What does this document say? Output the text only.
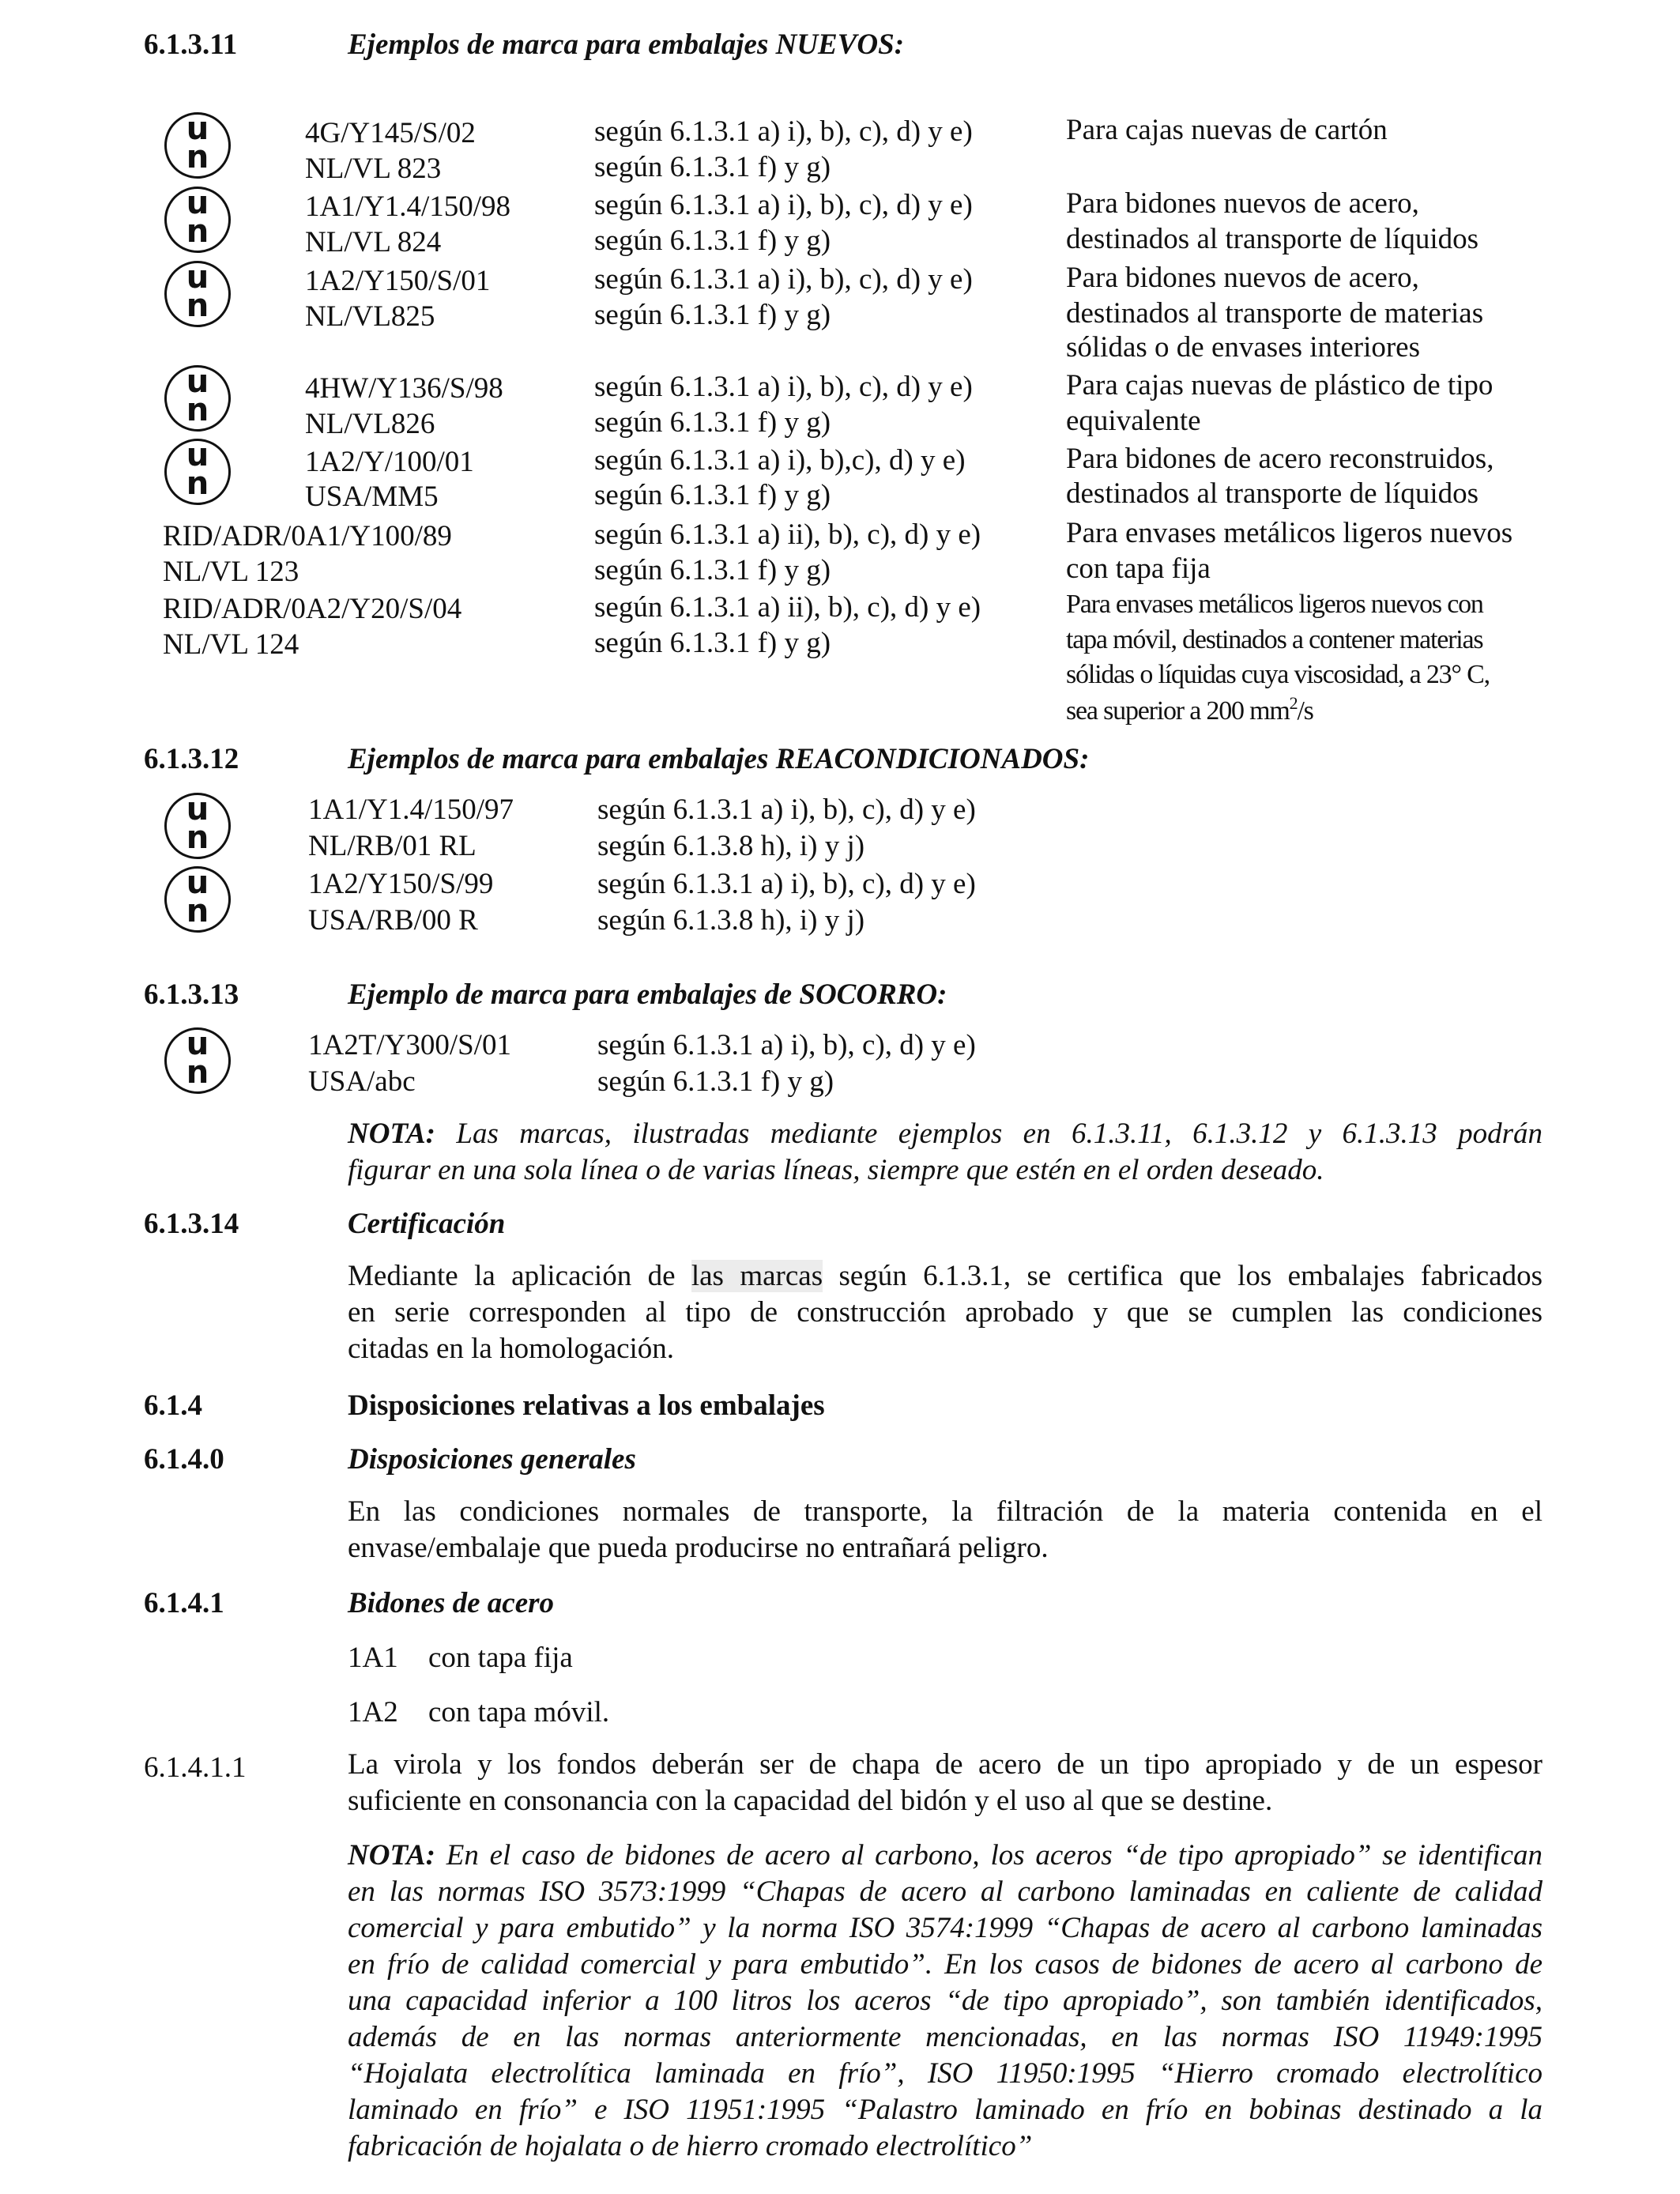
6.1.3.11	Ejemplos de marca para embalajes NUEVOS:
4G/Y145/S/02	según 6.1.3.1 a) i), b), c), d) y e)	Para cajas nuevas de cartón
NL/VL 823	según 6.1.3.1 f) y g)
1A1/Y1.4/150/98	según 6.1.3.1 a) i), b), c), d) y e)	Para bidones nuevos de acero,
NL/VL 824	según 6.1.3.1 f) y g)	destinados al transporte de líquidos
1A2/Y150/S/01	según 6.1.3.1 a) i), b), c), d) y e)	Para bidones nuevos de acero,
NL/VL825	según 6.1.3.1 f) y g)	destinados al transporte de materias
sólidas o de envases interiores
4HW/Y136/S/98	según 6.1.3.1 a) i), b), c), d) y e)	Para cajas nuevas de plástico de tipo
NL/VL826	según 6.1.3.1 f) y g)	equivalente
1A2/Y/100/01	según 6.1.3.1 a) i), b),c), d) y e)	Para bidones de acero reconstruidos,
USA/MM5	según 6.1.3.1 f) y g)	destinados al transporte de líquidos
RID/ADR/0A1/Y100/89	según 6.1.3.1 a) ii), b), c), d) y e)	Para envases metálicos ligeros nuevos
NL/VL 123	según 6.1.3.1 f) y g)	con tapa fija
RID/ADR/0A2/Y20/S/04	según 6.1.3.1 a) ii), b), c), d) y e)	Para envases metálicos ligeros nuevos con
NL/VL 124	según 6.1.3.1 f) y g)	tapa móvil, destinados a contener materias
sólidas o líquidas cuya viscosidad, a 23° C,
sea superior a 200 $mm^2/s$
u
n
u
n
u
n
u
n
u
n
6.1.3.12	Ejemplos de marca para embalajes REACONDICIONADOS:
u
n
u
n
1A1/Y1.4/150/97	según 6.1.3.1 a) i), b), c), d) y e)
NL/RB/01 RL	según 6.1.3.8 h), i) y j)
1A2/Y150/S/99	según 6.1.3.1 a) i), b), c), d) y e)
USA/RB/00 R	según 6.1.3.8 h), i) y j)
6.1.3.13	Ejemplo de marca para embalajes de SOCORRO:
u
n
1A2T/Y300/S/01	según 6.1.3.1 a) i), b), c), d) y e)
USA/abc	según 6.1.3.1 f) y g)
NOTA: Las marcas, ilustradas mediante ejemplos en 6.1.3.11, 6.1.3.12 y 6.1.3.13 podrán
figurar en una sola línea o de varias líneas, siempre que estén en el orden deseado.
6.1.3.14	Certificación
Mediante la aplicación de las marcas según 6.1.3.1, se certifica que los embalajes fabricados
en serie corresponden al tipo de construcción aprobado y que se cumplen las condiciones
citadas en la homologación.
6.1.4	Disposiciones relativas a los embalajes
6.1.4.0	Disposiciones generales
En las condiciones normales de transporte, la filtración de la materia contenida en el
envase/embalaje que pueda producirse no entrañará peligro.
6.1.4.1	Bidones de acero
1A1 con tapa fija
1A2 con tapa móvil.
6.1.4.1.1	La virola y los fondos deberán ser de chapa de acero de un tipo apropiado y de un espesor
suficiente en consonancia con la capacidad del bidón y el uso al que se destine.
NOTA: En el caso de bidones de acero al carbono, los aceros “de tipo apropiado” se identifican
en las normas ISO 3573:1999 “Chapas de acero al carbono laminadas en caliente de calidad
comercial y para embutido” y la norma ISO 3574:1999 “Chapas de acero al carbono laminadas
en frío de calidad comercial y para embutido”. En los casos de bidones de acero al carbono de
una capacidad inferior a 100 litros los aceros “de tipo apropiado”, son también identificados,
además de en las normas anteriormente mencionadas, en las normas ISO 11949:1995
“Hojalata electrolítica laminada en frío”, ISO 11950:1995 “Hierro cromado electrolítico
laminado en frío” e ISO 11951:1995 “Palastro laminado en frío en bobinas destinado a la
fabricación de hojalata o de hierro cromado electrolítico”
